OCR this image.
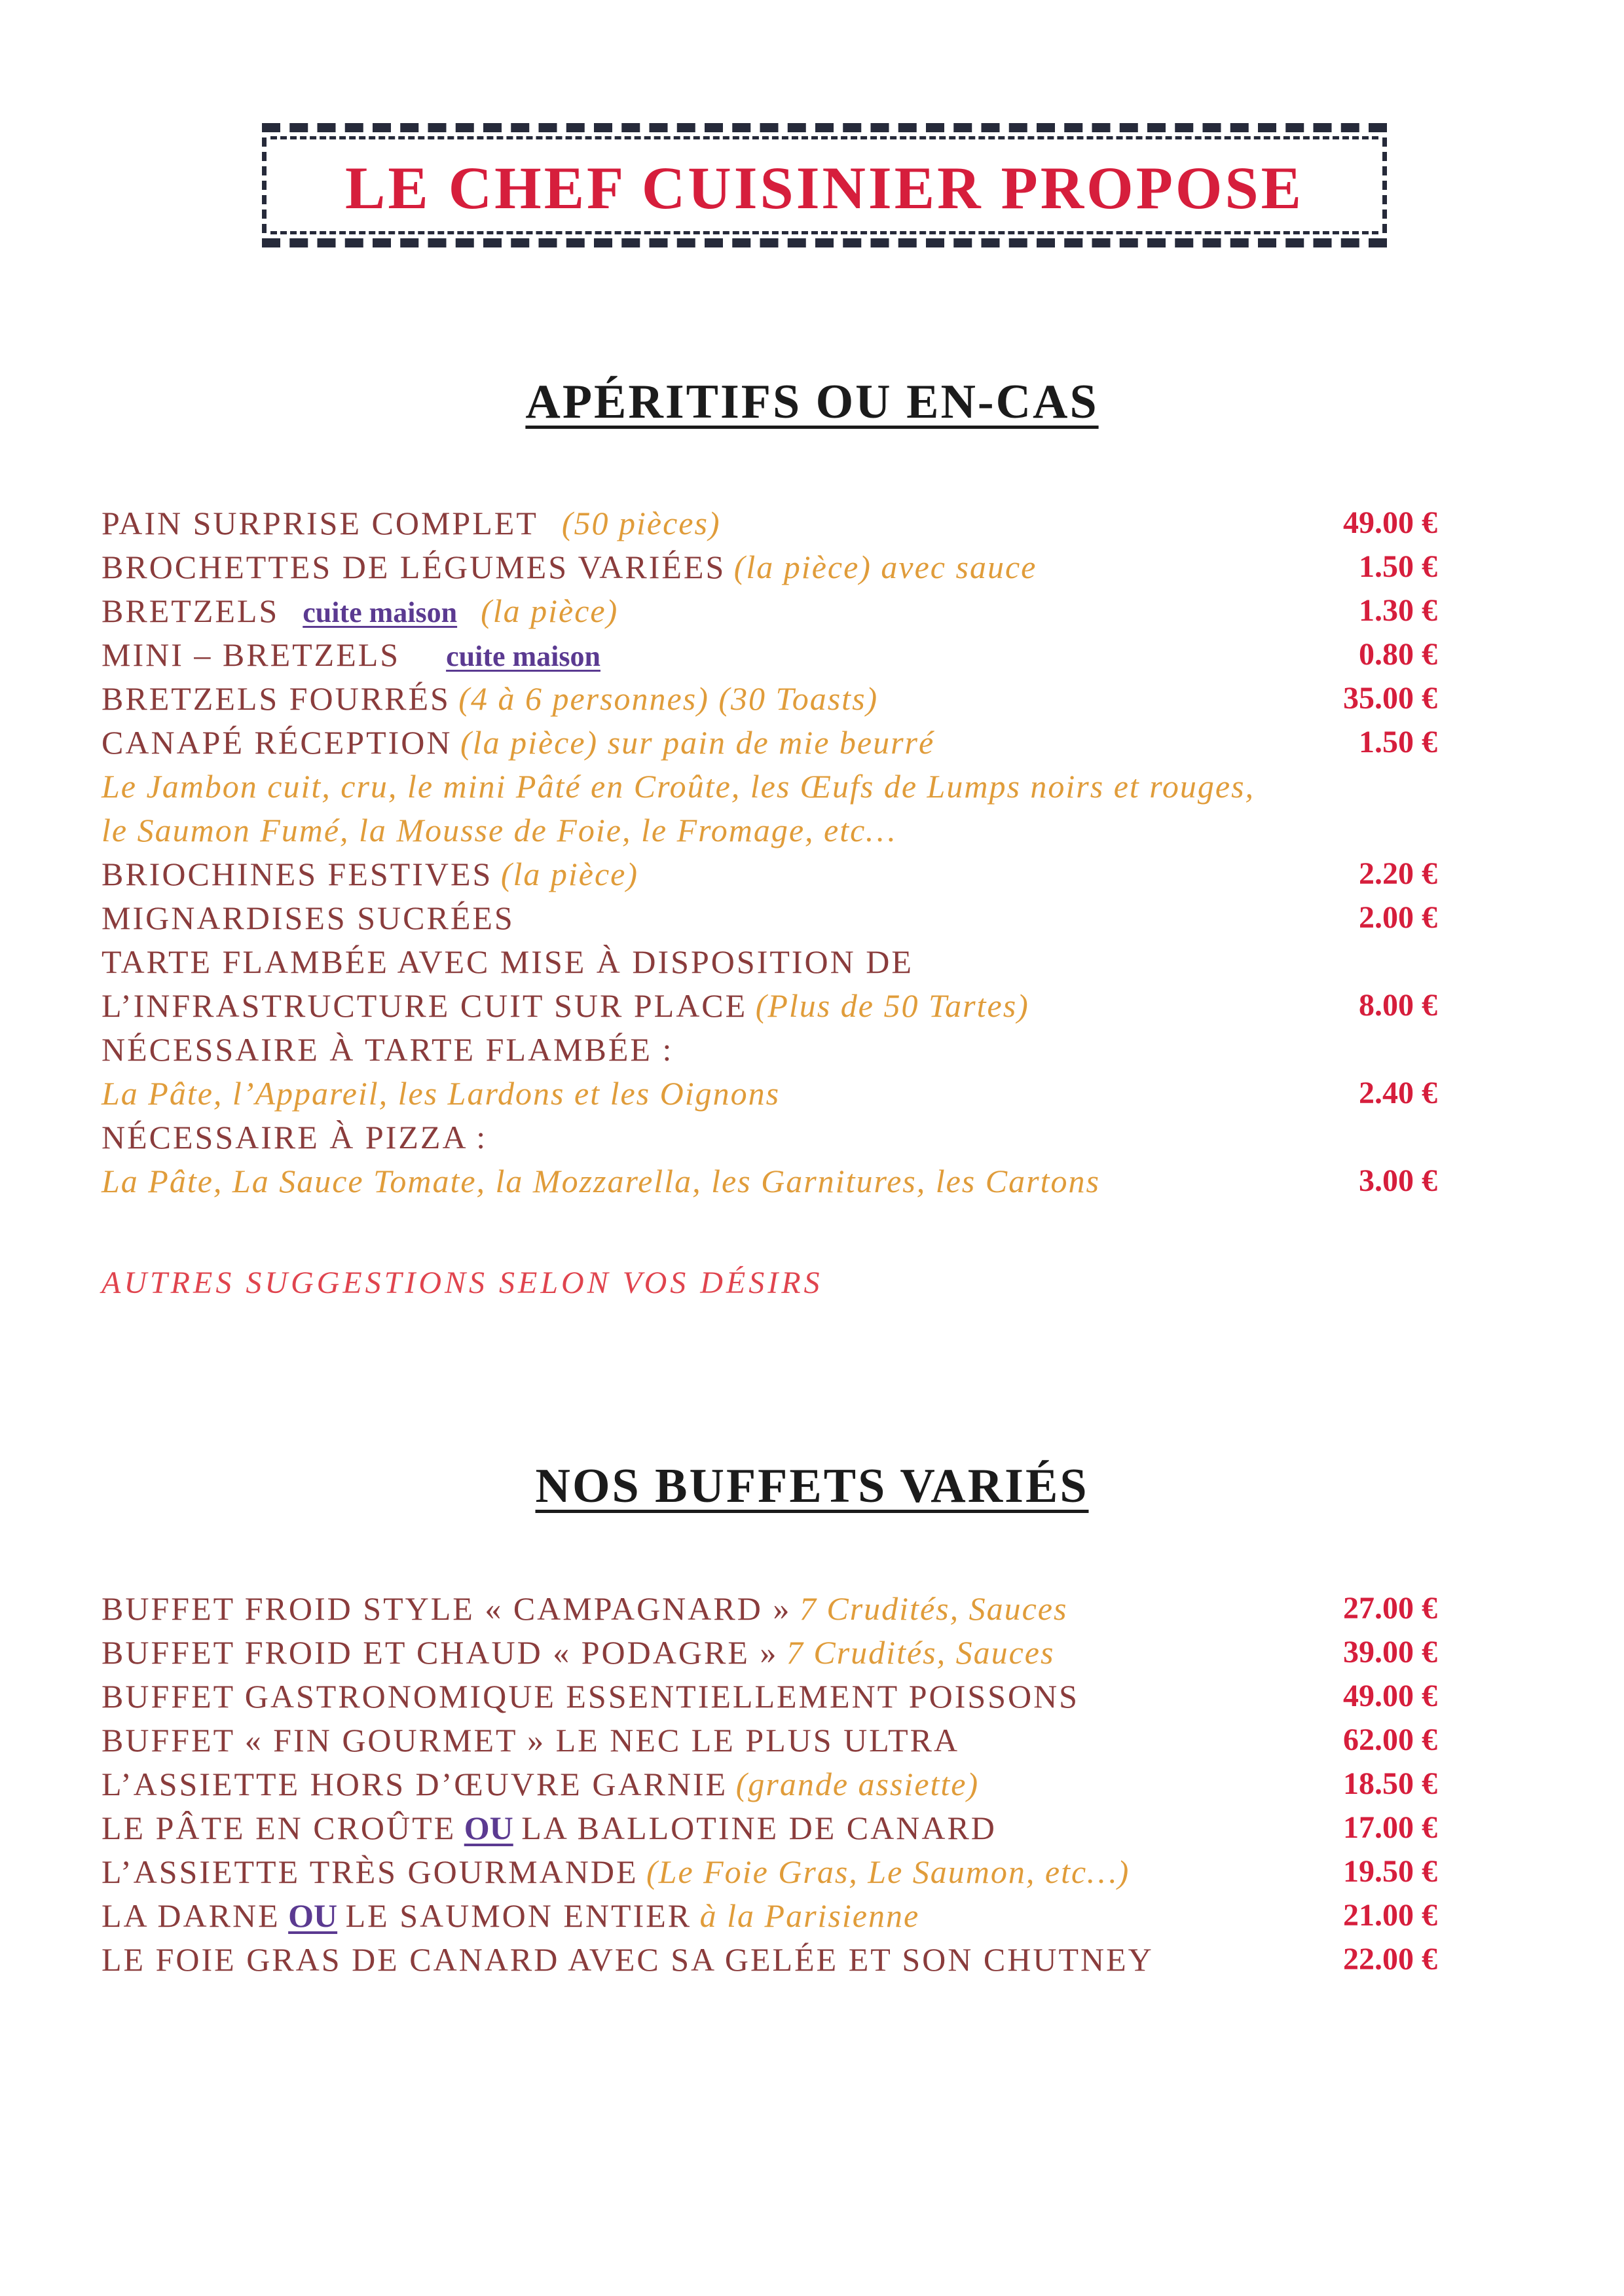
LE CHEF CUISINIER PROPOSE
APÉRITIFS OU EN-CAS
PAIN SURPRISE COMPLET (50 pièces)	49.00 €
BROCHETTES DE LÉGUMES VARIÉES (la pièce) avec sauce	1.50 €
BRETZELS cuite maison (la pièce)	1.30 €
MINI – BRETZELS cuite maison	0.80 €
BRETZELS FOURRÉS (4 à 6 personnes) (30 Toasts)	35.00 €
CANAPÉ RÉCEPTION (la pièce) sur pain de mie beurré	1.50 €
Le Jambon cuit, cru, le mini Pâté en Croûte, les Œufs de Lumps noirs et rouges,
le Saumon Fumé, la Mousse de Foie, le Fromage, etc…
BRIOCHINES FESTIVES (la pièce)	2.20 €
MIGNARDISES SUCRÉES	2.00 €
TARTE FLAMBÉE AVEC MISE À DISPOSITION DE
L’INFRASTRUCTURE CUIT SUR PLACE (Plus de 50 Tartes)	8.00 €
NÉCESSAIRE À TARTE FLAMBÉE :
La Pâte, l’Appareil, les Lardons et les Oignons	2.40 €
NÉCESSAIRE À PIZZA :
La Pâte, La Sauce Tomate, la Mozzarella, les Garnitures, les Cartons	3.00 €
AUTRES SUGGESTIONS SELON VOS DÉSIRS
NOS BUFFETS VARIÉS
BUFFET FROID STYLE « CAMPAGNARD » 7 Crudités, Sauces	27.00 €
BUFFET FROID ET CHAUD « PODAGRE » 7 Crudités, Sauces	39.00 €
BUFFET GASTRONOMIQUE ESSENTIELLEMENT POISSONS	49.00 €
BUFFET « FIN GOURMET » LE NEC LE PLUS ULTRA	62.00 €
L’ASSIETTE HORS D’ŒUVRE GARNIE (grande assiette)	18.50 €
LE PÂTE EN CROÛTE OU LA BALLOTINE DE CANARD	17.00 €
L’ASSIETTE TRÈS GOURMANDE (Le Foie Gras, Le Saumon, etc…)	19.50 €
LA DARNE OU LE SAUMON ENTIER à la Parisienne	21.00 €
LE FOIE GRAS DE CANARD AVEC SA GELÉE ET SON CHUTNEY	22.00 €
